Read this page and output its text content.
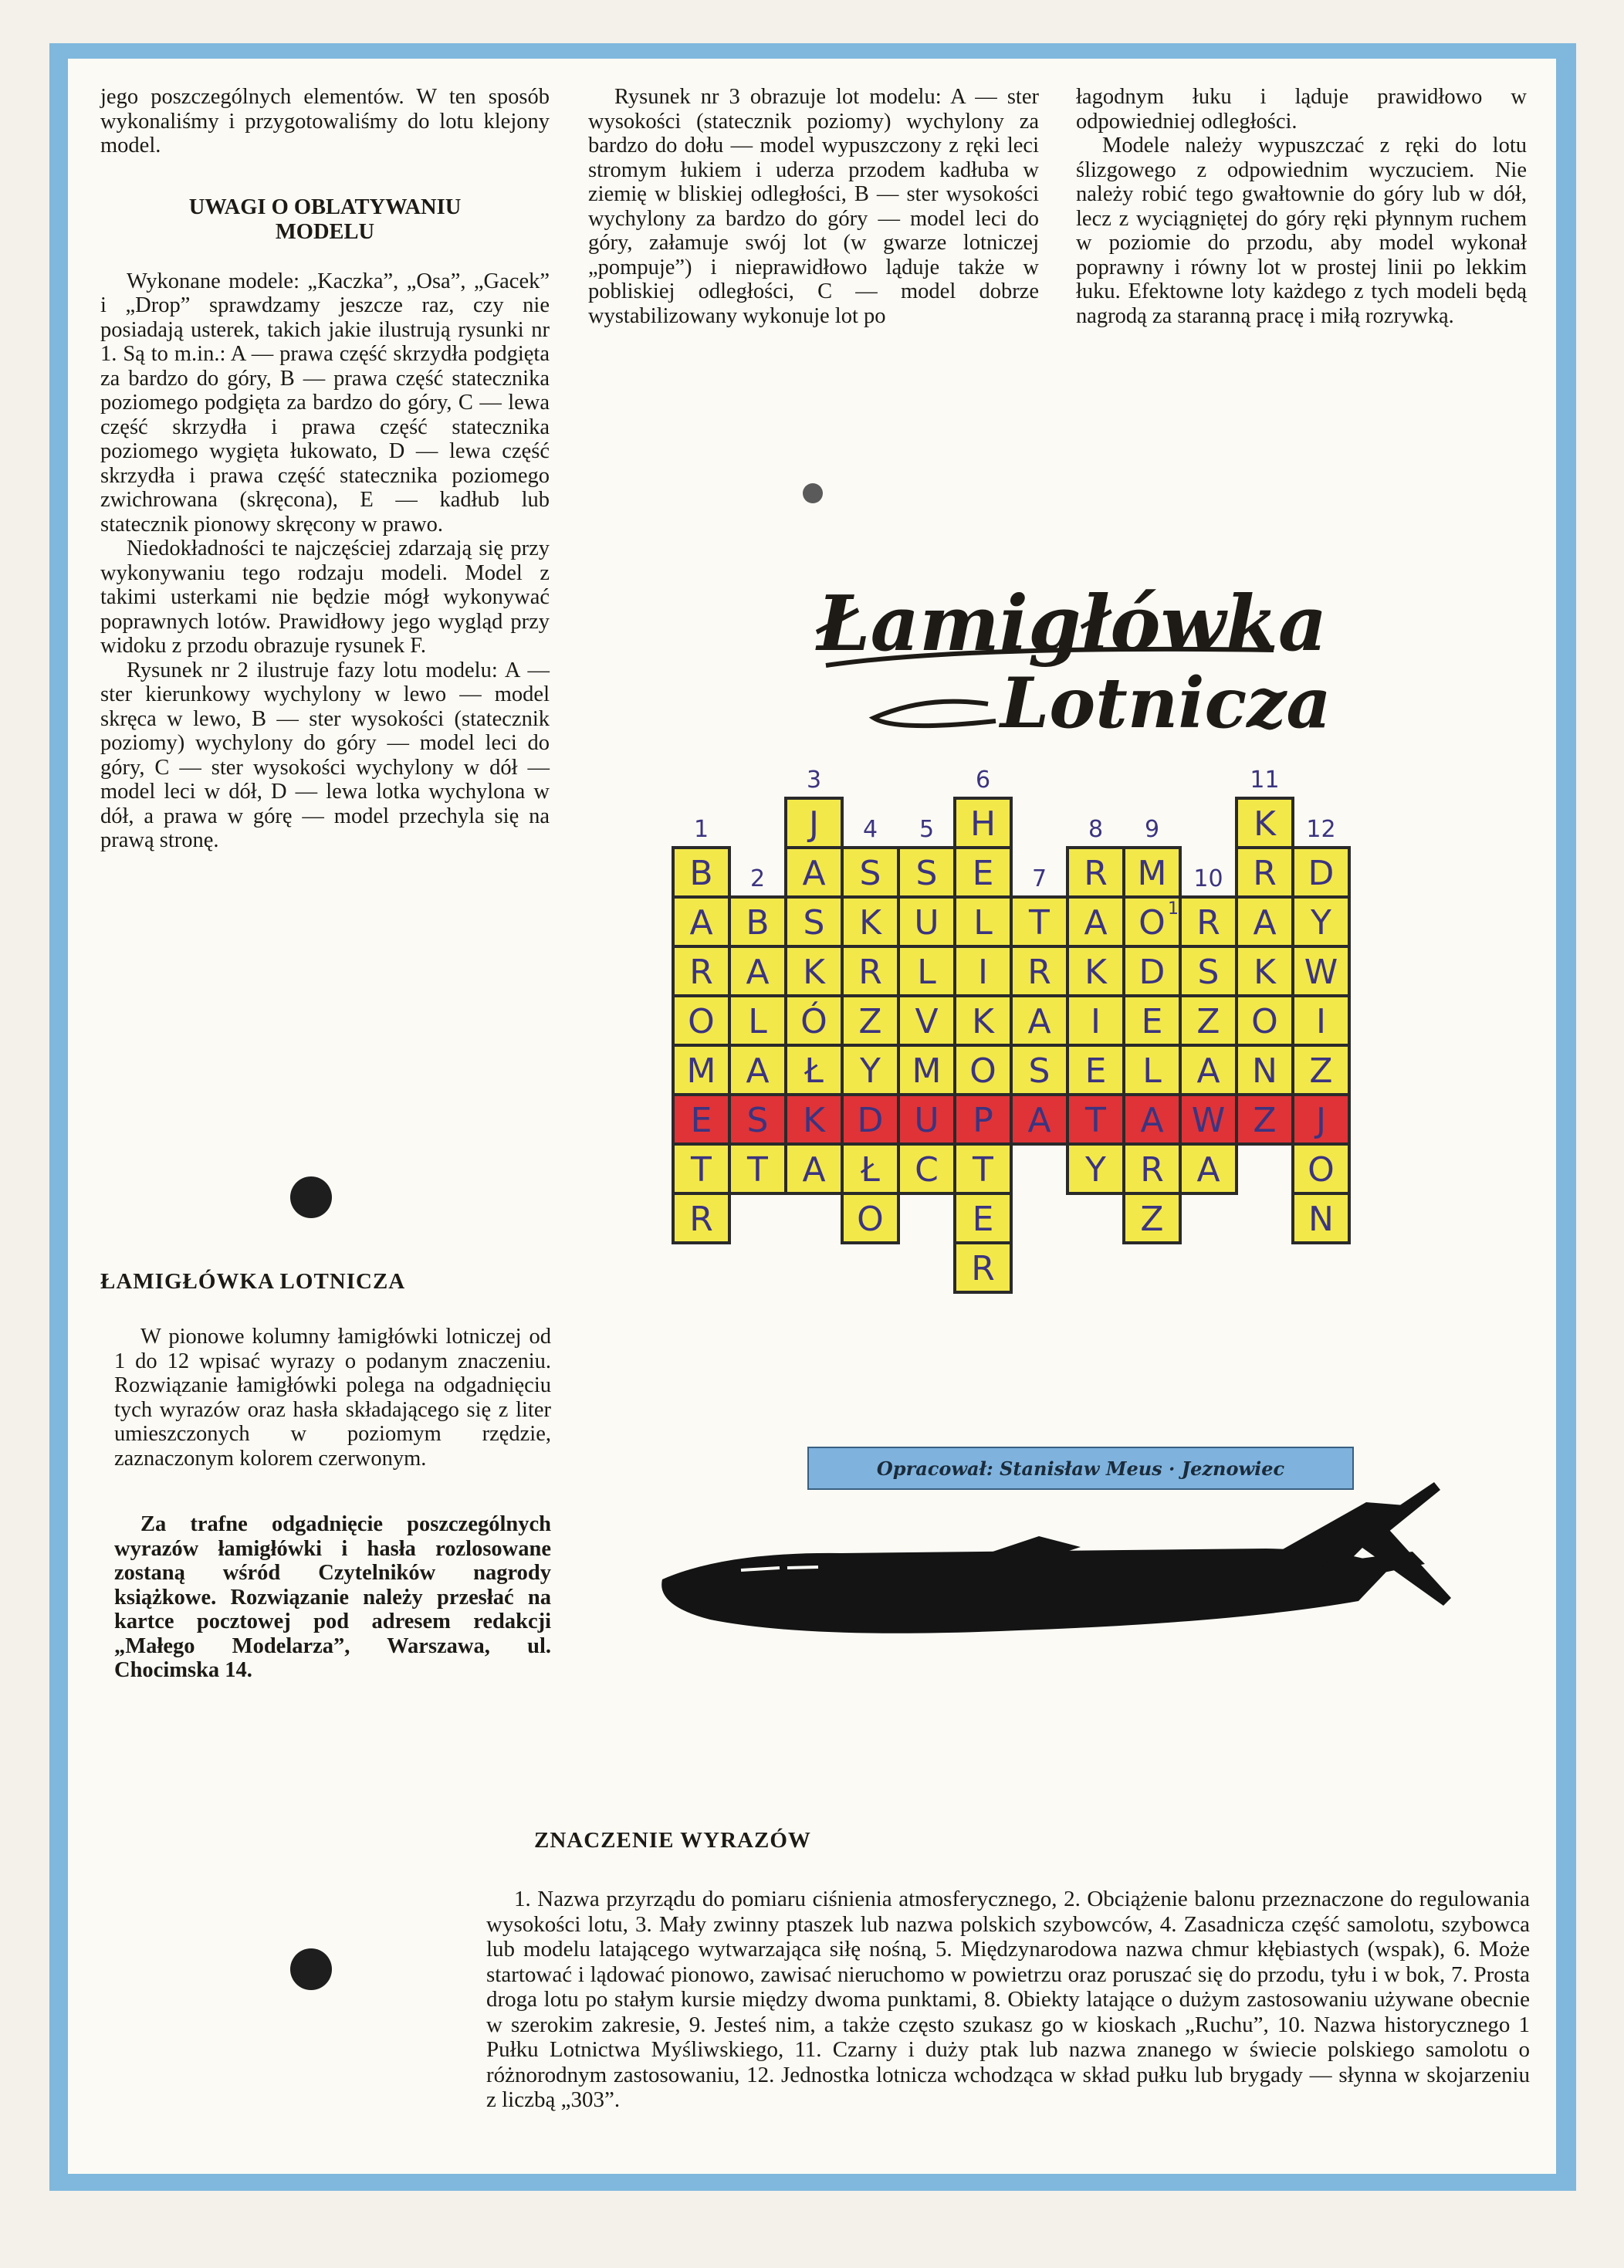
jego poszczególnych elementów. W ten sposób wykonaliśmy i przygotowaliśmy do lotu klejony model.

UWAGI O OBLATYWANIU MODELU

Wykonane modele: „Kaczka”, „Osa”, „Gacek” i „Drop” sprawdzamy jeszcze raz, czy nie posiadają usterek, takich jakie ilustrują rysunki nr 1. Są to m.in.: A — prawa część skrzydła podgięta za bardzo do góry, B — prawa część statecznika poziomego podgięta za bardzo do góry, C — lewa część skrzydła i prawa część statecznika poziomego wygięta łukowato, D — lewa część skrzydła i prawa część statecznika poziomego zwichrowana (skręcona), E — kadłub lub statecznik pionowy skręcony w prawo.

Niedokładności te najczęściej zdarzają się przy wykonywaniu tego rodzaju modeli. Model z takimi usterkami nie będzie mógł wykonywać poprawnych lotów. Prawidłowy jego wygląd przy widoku z przodu obrazuje rysunek F.

Rysunek nr 2 ilustruje fazy lotu modelu: A — ster kierunkowy wychylony w lewo — model skręca w lewo, B — ster wysokości (statecznik poziomy) wychylony do góry — model leci do góry, C — ster wysokości wychylony w dół — model leci w dół, D — lewa lotka wychylona w dół, a prawa w górę — model przechyla się na prawą stronę.

Rysunek nr 3 obrazuje lot modelu: A — ster wysokości (statecznik poziomy) wychylony za bardzo do dołu — model wypuszczony z ręki leci stromym łukiem i uderza przodem kadłuba w ziemię w bliskiej odległości, B — ster wysokości wychylony za bardzo do góry — model leci do góry, załamuje swój lot (w gwarze lotniczej „pompuje”) i nieprawidłowo ląduje także w pobliskiej odległości, C — model dobrze wystabilizowany wykonuje lot po

łagodnym łuku i ląduje prawidłowo w odpowiedniej odległości.

Modele należy wypuszczać z ręki do lotu ślizgowego z odpowiednim wyczuciem. Nie należy robić tego gwałtownie do góry lub w dół, lecz z wyciągniętej do góry ręki płynnym ruchem w poziomie do przodu, aby model wykonał poprawny i równy lot w prostej linii po lekkim łuku. Efektowne loty każdego z tych modeli będą nagrodą za staranną pracę i miłą rozrywką.

ŁAMIGŁÓWKA LOTNICZA

W pionowe kolumny łamigłówki lotniczej od 1 do 12 wpisać wyrazy o podanym znaczeniu. Rozwiązanie łamigłówki polega na odgadnięciu tych wyrazów oraz hasła składającego się z liter umieszczonych w poziomym rzędzie, zaznaczonym kolorem czerwonym.

Za trafne odgadnięcie poszczególnych wyrazów łamigłówki i hasła rozlosowane zostaną wśród Czytelników nagrody książkowe. Rozwiązanie należy przesłać na kartce pocztowej pod adresem redakcji „Małego Modelarza”, Warszawa, ul. Chocimska 14.

Łamigłówka
Lotnicza
B
A
R
O
M
E
T
R
B
A
L
A
S
T
J
A
S
K
Ó
Ł
K
A
S
K
R
Z
Y
D
Ł
O
S
U
L
V
M
U
C
H
E
L
I
K
O
P
T
E
R
T
R
A
S
A
R
A
K
I
E
T
Y
M
O 1
D
E
L
A
R
Z
R
S
Z
A
W
A
K
R
A
K
O
N
Z
D
Y
W
I
Z
J
O
N
1
2
3
4 5
6
7
8 9
10
11
12
Opracował: Stanisław Meus · Jeznowiec
ZNACZENIE WYRAZÓW

1. Nazwa przyrządu do pomiaru ciśnienia atmosferycznego, 2. Obciążenie balonu przeznaczone do regulowania wysokości lotu, 3. Mały zwinny ptaszek lub nazwa polskich szybowców, 4. Zasadnicza część samolotu, szybowca lub modelu latającego wytwarzająca siłę nośną, 5. Międzynarodowa nazwa chmur kłębiastych (wspak), 6. Może startować i lądować pionowo, zawisać nieruchomo w powietrzu oraz poruszać się do przodu, tyłu i w bok, 7. Prosta droga lotu po stałym kursie między dwoma punktami, 8. Obiekty latające o dużym zastosowaniu używane obecnie w szerokim zakresie, 9. Jesteś nim, a także często szukasz go w kioskach „Ruchu”, 10. Nazwa historycznego 1 Pułku Lotnictwa Myśliwskiego, 11. Czarny i duży ptak lub nazwa znanego w świecie polskiego samolotu o różnorodnym zastosowaniu, 12. Jednostka lotnicza wchodząca w skład pułku lub brygady — słynna w skojarzeniu z liczbą „303”.
